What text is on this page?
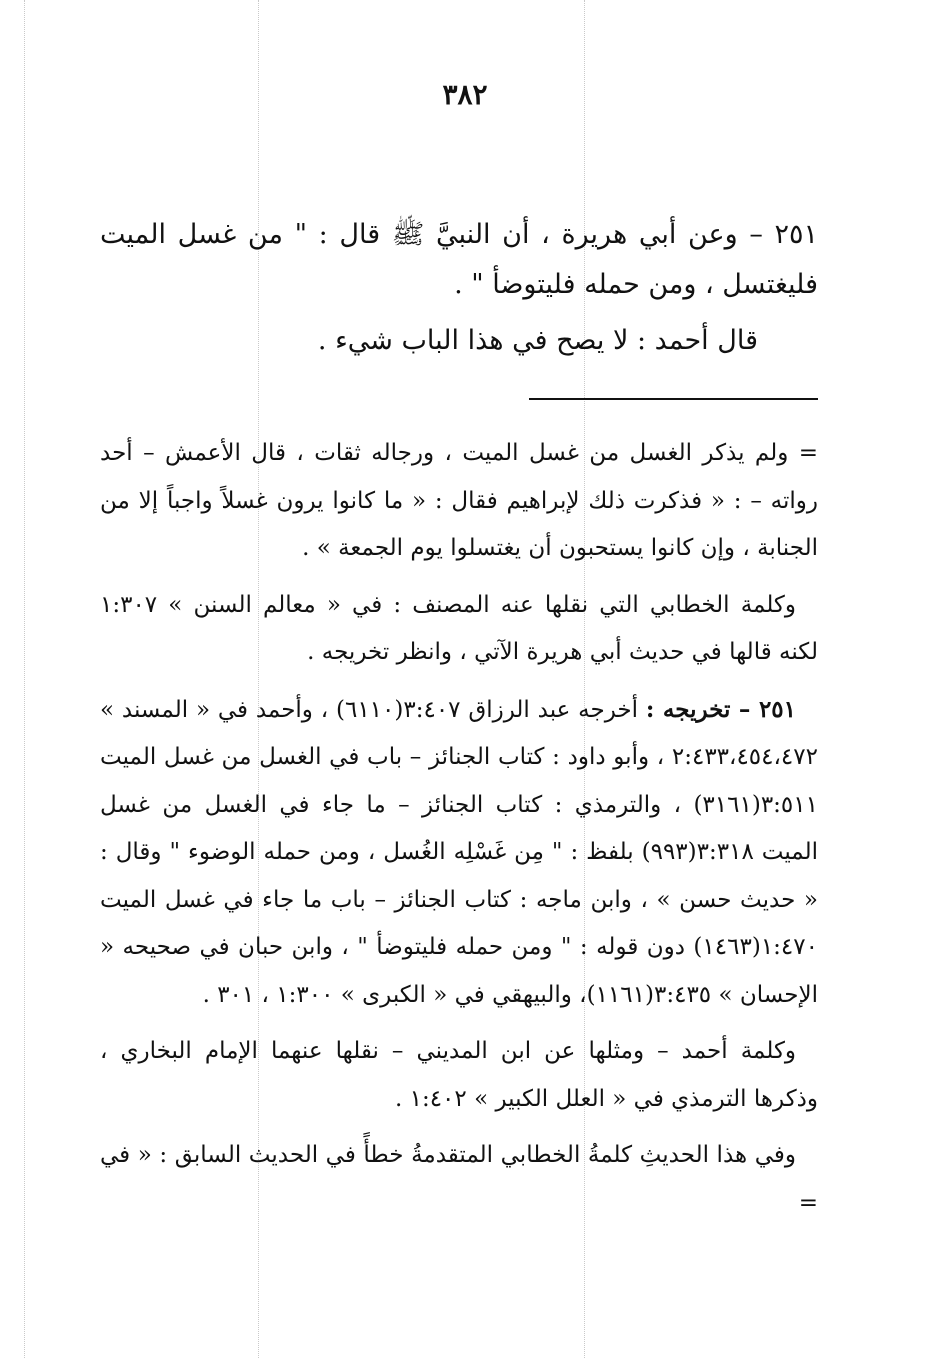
٣٨٢

٢٥١ – وعن أبي هريرة ، أن النبيَّ ﷺ قال : " من غسل الميت فليغتسل ، ومن حمله فليتوضأ " .

قال أحمد : لا يصح في هذا الباب شيء .

= ولم يذكر الغسل من غسل الميت ، ورجاله ثقات ، قال الأعمش – أحد رواته – : « فذكرت ذلك لإبراهيم فقال : « ما كانوا يرون غسلاً واجباً إلا من الجنابة ، وإن كانوا يستحبون أن يغتسلوا يوم الجمعة » .

وكلمة الخطابي التي نقلها عنه المصنف : في « معالم السنن » ١:٣٠٧ لكنه قالها في حديث أبي هريرة الآتي ، وانظر تخريجه .

٢٥١ – تخريجه : أخرجه عبد الرزاق ٣:٤٠٧(٦١١٠) ، وأحمد في « المسند » ٢:٤٣٣،٤٥٤،٤٧٢ ، وأبو داود : كتاب الجنائز – باب في الغسل من غسل الميت ٣:٥١١(٣١٦١) ، والترمذي : كتاب الجنائز – ما جاء في الغسل من غسل الميت ٣:٣١٨(٩٩٣) بلفظ : " مِن غَسْلِه الغُسل ، ومن حمله الوضوء " وقال : « حديث حسن » ، وابن ماجه : كتاب الجنائز – باب ما جاء في غسل الميت ١:٤٧٠(١٤٦٣) دون قوله : " ومن حمله فليتوضأ " ، وابن حبان في صحيحه « الإحسان » ٣:٤٣٥(١١٦١)، والبيهقي في « الكبرى » ١:٣٠٠ ، ٣٠١ .

وكلمة أحمد – ومثلها عن ابن المديني – نقلها عنهما الإمام البخاري ، وذكرها الترمذي في « العلل الكبير » ١:٤٠٢ .

وفي هذا الحديثِ كلمةُ الخطابي المتقدمةُ خطأً في الحديث السابق : « في =
